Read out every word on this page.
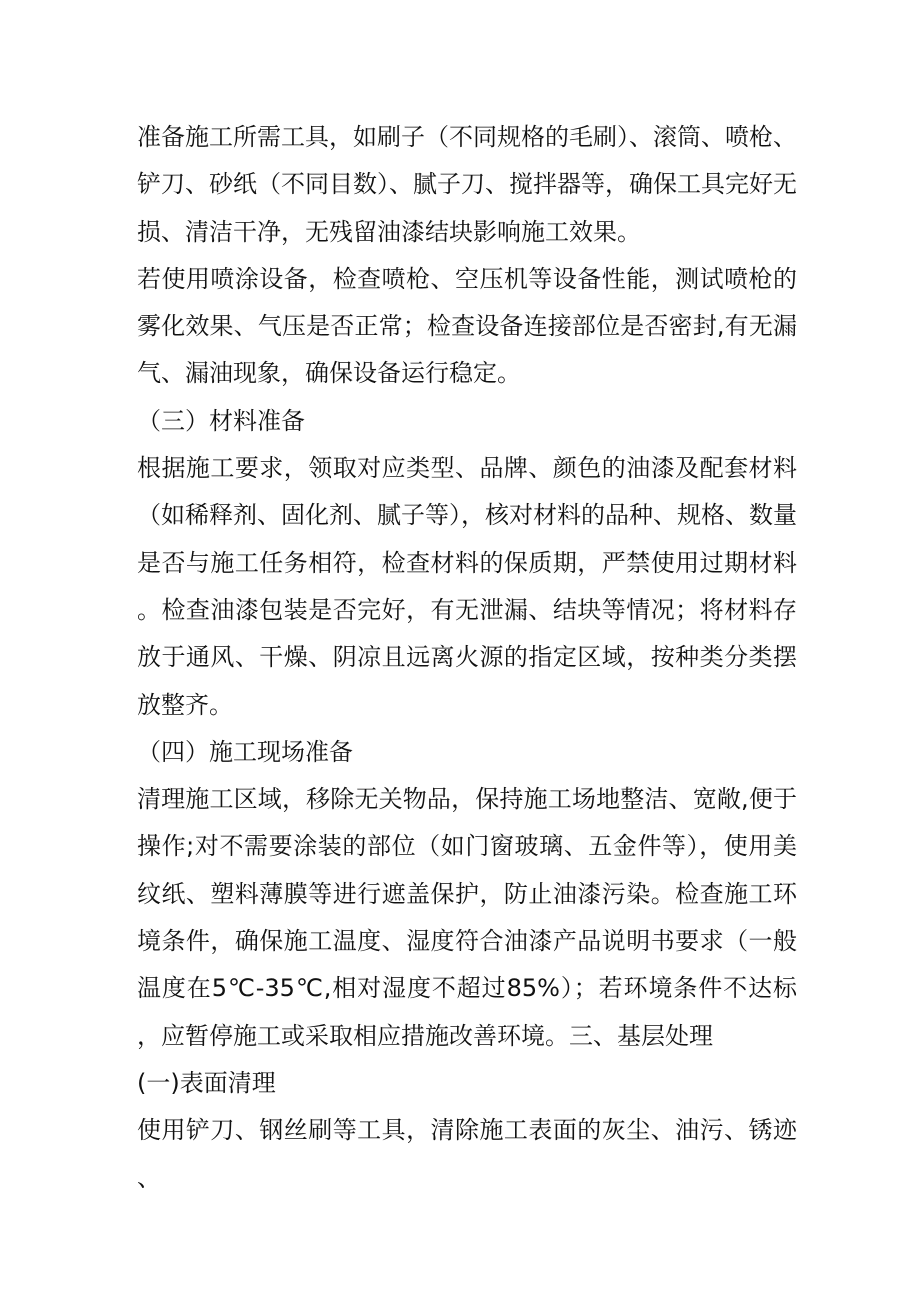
准备施工所需工具，如刷子（不同规格的毛刷）、滚筒、喷枪、铲刀、砂纸（不同目数）、腻子刀、搅拌器等，确保工具完好无损、清洁干净，无残留油漆结块影响施工效果。

若使用喷涂设备，检查喷枪、空压机等设备性能，测试喷枪的雾化效果、气压是否正常；检查设备连接部位是否密封,有无漏气、漏油现象，确保设备运行稳定。

（三）材料准备

根据施工要求，领取对应类型、品牌、颜色的油漆及配套材料（如稀释剂、固化剂、腻子等），核对材料的品种、规格、数量是否与施工任务相符，检查材料的保质期，严禁使用过期材料。检查油漆包装是否完好，有无泄漏、结块等情况；将材料存放于通风、干燥、阴凉且远离火源的指定区域，按种类分类摆放整齐。

（四）施工现场准备

清理施工区域，移除无关物品，保持施工场地整洁、宽敞,便于操作;对不需要涂装的部位（如门窗玻璃、五金件等），使用美纹纸、塑料薄膜等进行遮盖保护，防止油漆污染。检查施工环境条件，确保施工温度、湿度符合油漆产品说明书要求（一般温度在5℃-35℃,相对湿度不超过85%）；若环境条件不达标，应暂停施工或采取相应措施改善环境。三、基层处理

(一)表面清理

使用铲刀、钢丝刷等工具，清除施工表面的灰尘、油污、锈迹、
